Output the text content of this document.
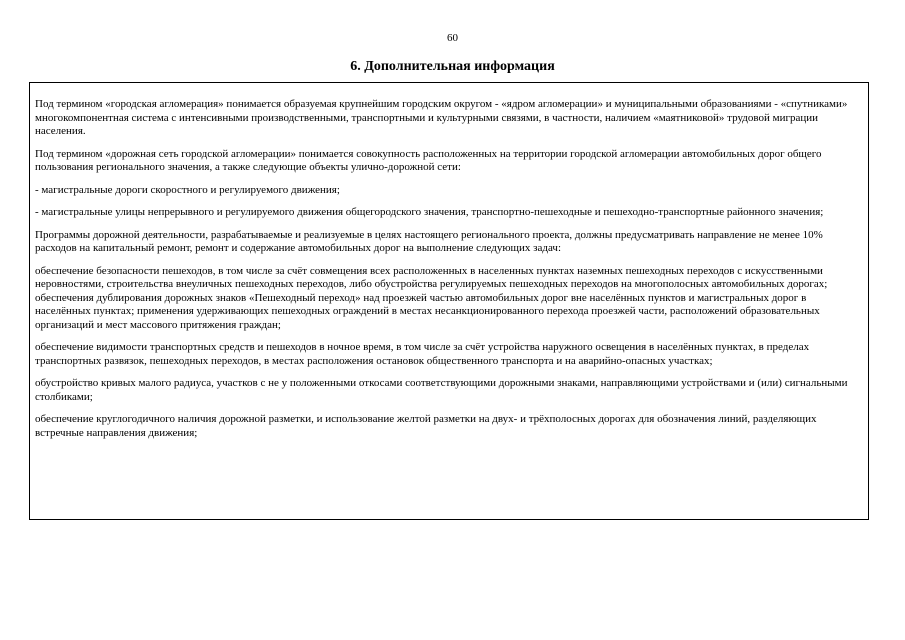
60
6. Дополнительная информация

Под термином «городская агломерация» понимается образуемая крупнейшим городским округом - «ядром агломерации» и муниципальными образованиями - «спутниками» многокомпонентная система с интенсивными производственными, транспортными и культурными связями, в частности, наличием «маятниковой» трудовой миграции населения.

Под термином «дорожная сеть городской агломерации» понимается совокупность расположенных на территории городской агломерации автомобильных дорог общего пользования регионального значения, а также следующие объекты улично-дорожной сети:

- магистральные дороги скоростного и регулируемого движения;

- магистральные улицы непрерывного и регулируемого движения общегородского значения, транспортно-пешеходные и пешеходно-транспортные районного значения;

Программы дорожной деятельности, разрабатываемые и реализуемые в целях настоящего регионального проекта, должны предусматривать направление не менее 10% расходов на капитальный ремонт, ремонт и содержание автомобильных дорог на выполнение следующих задач:

обеспечение безопасности пешеходов, в том числе за счёт совмещения всех расположенных в населенных пунктах наземных пешеходных переходов с искусственными неровностями, строительства внеуличных пешеходных переходов, либо обустройства регулируемых пешеходных переходов на многополосных автомобильных дорогах; обеспечения дублирования дорожных знаков «Пешеходный переход» над проезжей частью автомобильных дорог вне населённых пунктов и магистральных дорог в населённых пунктах; применения удерживающих пешеходных ограждений в местах несанкционированного перехода проезжей части, расположений образовательных организаций и мест массового притяжения граждан;

обеспечение видимости транспортных средств и пешеходов в ночное время, в том числе за счёт устройства наружного освещения в населённых пунктах, в пределах транспортных развязок, пешеходных переходов, в местах расположения остановок общественного транспорта и на аварийно-опасных участках;

обустройство кривых малого радиуса, участков с не у положенными откосами соответствующими дорожными знаками, направляющими устройствами и (или) сигнальными столбиками;

обеспечение круглогодичного наличия дорожной разметки, и использование желтой разметки на двух- и трёхполосных дорогах для обозначения линий, разделяющих встречные направления движения;
